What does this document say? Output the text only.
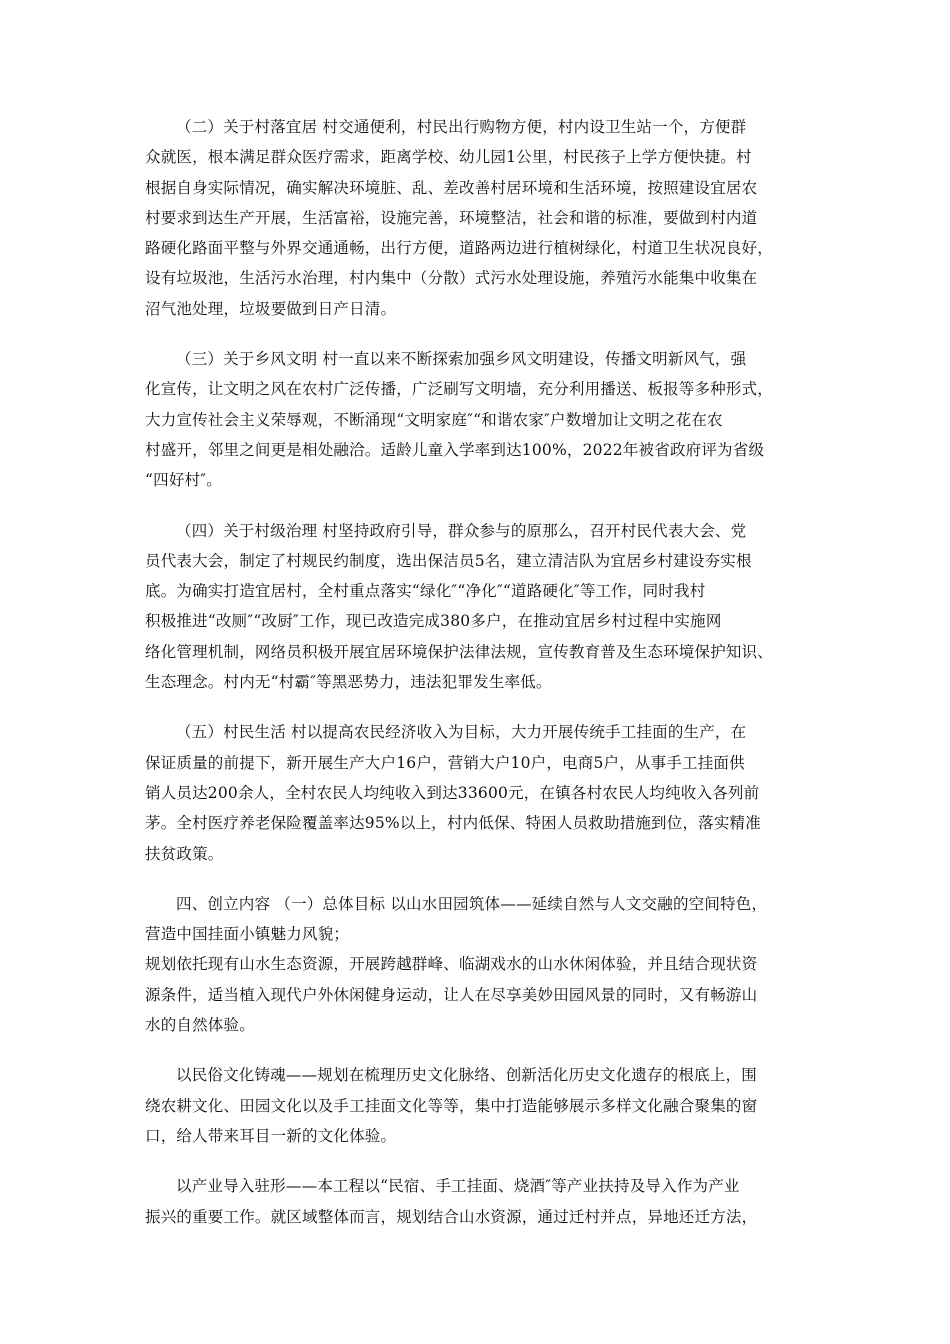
（二）关于村落宜居 村交通便利，村民出行购物方便，村内设卫生站一个，方便群
众就医，根本满足群众医疗需求，距离学校、幼儿园1公里，村民孩子上学方便快捷。村
根据自身实际情况，确实解决环境脏、乱、差改善村居环境和生活环境，按照建设宜居农
村要求到达生产开展，生活富裕，设施完善，环境整洁，社会和谐的标准，要做到村内道
路硬化路面平整与外界交通通畅，出行方便，道路两边进行植树绿化，村道卫生状况良好，
设有垃圾池，生活污水治理，村内集中（分散）式污水处理设施，养殖污水能集中收集在
沼气池处理，垃圾要做到日产日清。

（三）关于乡风文明 村一直以来不断探索加强乡风文明建设，传播文明新风气，强
化宣传，让文明之风在农村广泛传播，广泛刷写文明墙，充分利用播送、板报等多种形式，
大力宣传社会主义荣辱观，不断涌现“文明家庭″“和谐农家″户数增加让文明之花在农
村盛开，邻里之间更是相处融洽。适龄儿童入学率到达100%，2022年被省政府评为省级
“四好村″。

（四）关于村级治理 村坚持政府引导，群众参与的原那么，召开村民代表大会、党
员代表大会，制定了村规民约制度，选出保洁员5名，建立清洁队为宜居乡村建设夯实根
底。为确实打造宜居村，全村重点落实“绿化″“净化″“道路硬化″等工作，同时我村
积极推进“改厕″“改厨″工作，现已改造完成380多户，在推动宜居乡村过程中实施网
络化管理机制，网络员积极开展宜居环境保护法律法规，宣传教育普及生态环境保护知识、
生态理念。村内无“村霸″等黑恶势力，违法犯罪发生率低。

（五）村民生活 村以提高农民经济收入为目标，大力开展传统手工挂面的生产，在
保证质量的前提下，新开展生产大户16户，营销大户10户，电商5户，从事手工挂面供
销人员达200余人，全村农民人均纯收入到达33600元，在镇各村农民人均纯收入各列前
茅。全村医疗养老保险覆盖率达95%以上，村内低保、特困人员救助措施到位，落实精准
扶贫政策。

四、创立内容 （一）总体目标 以山水田园筑体——延续自然与人文交融的空间特色，
营造中国挂面小镇魅力风貌；

规划依托现有山水生态资源，开展跨越群峰、临湖戏水的山水休闲体验，并且结合现状资
源条件，适当植入现代户外休闲健身运动，让人在尽享美妙田园风景的同时，又有畅游山
水的自然体验。

以民俗文化铸魂——规划在梳理历史文化脉络、创新活化历史文化遗存的根底上，围
绕农耕文化、田园文化以及手工挂面文化等等，集中打造能够展示多样文化融合聚集的窗
口，给人带来耳目一新的文化体验。

以产业导入驻形——本工程以“民宿、手工挂面、烧酒″等产业扶持及导入作为产业
振兴的重要工作。就区域整体而言，规划结合山水资源，通过迁村并点，异地还迁方法，
